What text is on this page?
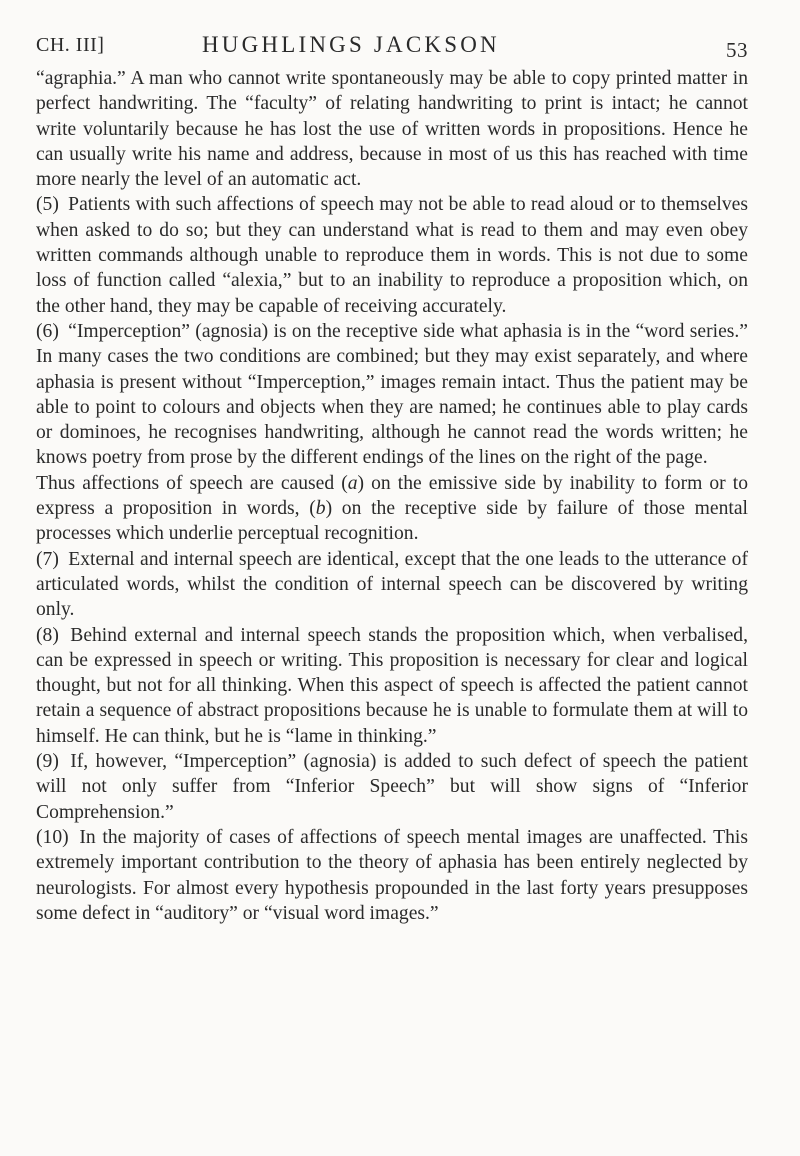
CH. III]	HUGHLINGS JACKSON	53

“agraphia.” A man who cannot write spontaneously may be able to copy printed matter in perfect handwriting. The “faculty” of relating handwriting to print is intact; he cannot write voluntarily because he has lost the use of written words in propositions. Hence he can usually write his name and address, because in most of us this has reached with time more nearly the level of an automatic act.

(5) Patients with such affections of speech may not be able to read aloud or to themselves when asked to do so; but they can understand what is read to them and may even obey written commands although unable to reproduce them in words. This is not due to some loss of function called “alexia,” but to an inability to reproduce a proposition which, on the other hand, they may be capable of receiving accurately.

(6) “Imperception” (agnosia) is on the receptive side what aphasia is in the “word series.” In many cases the two conditions are combined; but they may exist separately, and where aphasia is present without “Imperception,” images remain intact. Thus the patient may be able to point to colours and objects when they are named; he continues able to play cards or dominoes, he recognises handwriting, although he cannot read the words written; he knows poetry from prose by the different endings of the lines on the right of the page.

Thus affections of speech are caused (a) on the emissive side by inability to form or to express a proposition in words, (b) on the receptive side by failure of those mental processes which underlie perceptual recognition.

(7) External and internal speech are identical, except that the one leads to the utterance of articulated words, whilst the condition of internal speech can be discovered by writing only.

(8) Behind external and internal speech stands the proposition which, when verbalised, can be expressed in speech or writing. This proposition is necessary for clear and logical thought, but not for all thinking. When this aspect of speech is affected the patient cannot retain a sequence of abstract propositions because he is unable to formulate them at will to himself. He can think, but he is “lame in thinking.”

(9) If, however, “Imperception” (agnosia) is added to such defect of speech the patient will not only suffer from “Inferior Speech” but will show signs of “Inferior Comprehension.”

(10) In the majority of cases of affections of speech mental images are unaffected. This extremely important contribution to the theory of aphasia has been entirely neglected by neurologists. For almost every hypothesis propounded in the last forty years presupposes some defect in “auditory” or “visual word images.”
